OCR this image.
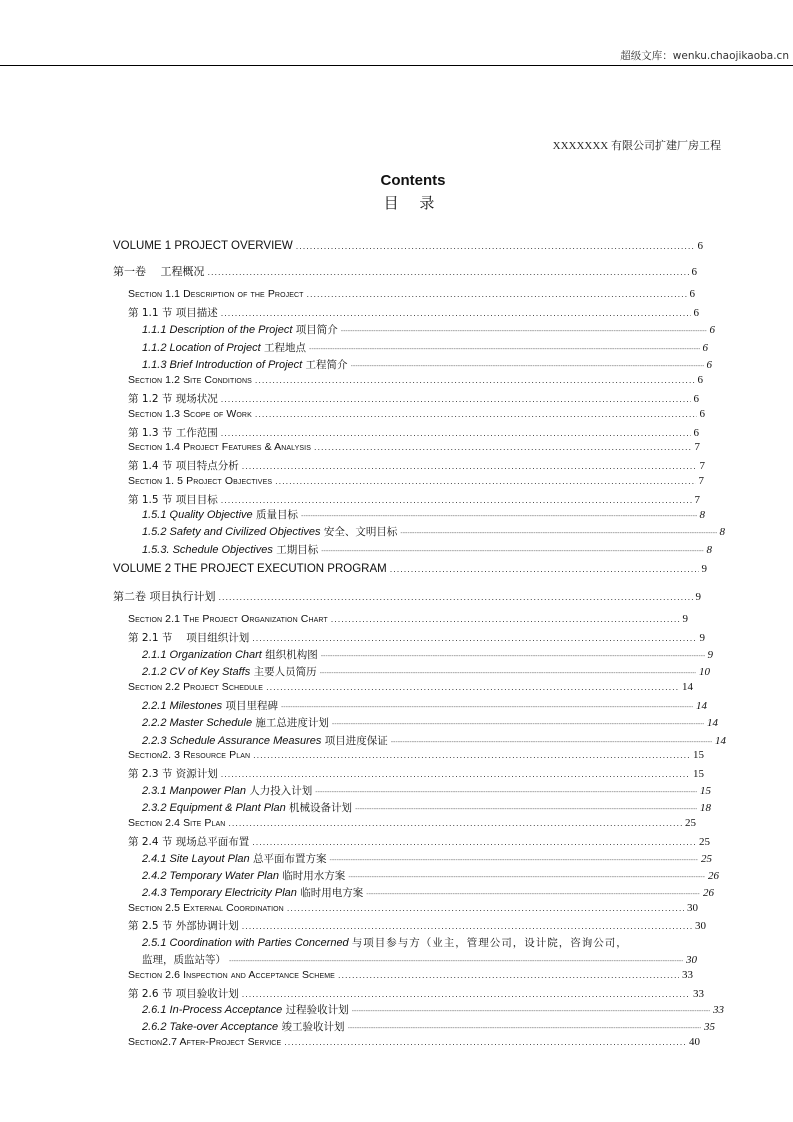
超级文库：wenku.chaojikaoba.cn
XXXXXXX 有限公司扩建厂房工程
Contents
目 录
VOLUME 1 PROJECT OVERVIEW .....	6
第一卷　 工程概况 .....	6
Section 1.1 Description of the Project .....	6
第 1.1 节 项目描述 .....	6
1.1.1 Description of the Project 项目简介 -----	6
1.1.2 Location of Project 工程地点 -----	6
1.1.3 Brief Introduction of Project 工程简介 -----	6
Section 1.2 Site Conditions .....	6
第 1.2 节 现场状况 .....	6
Section 1.3 Scope of Work .....	6
第 1.3 节 工作范围 .....	6
Section 1.4 Project Features & Analysis .....	7
第 1.4 节 项目特点分析 .....	7
Section 1. 5 Project Objectives .....	7
第 1.5 节 项目目标 .....	7
1.5.1 Quality Objective 质量目标 -----	8
1.5.2 Safety and Civilized Objectives 安全、文明目标 -----	8
1.5.3. Schedule Objectives 工期目标 -----	8
VOLUME 2 THE PROJECT EXECUTION PROGRAM .....	9
第二卷 项目执行计划 .....	9
Section 2.1 The Project Organization Chart .....	9
第 2.1 节 　项目组织计划 .....	9
2.1.1 Organization Chart 组织机构图 -----	9
2.1.2 CV of Key Staffs 主要人员简历 -----	10
Section 2.2 Project Schedule .....	14
2.2.1 Milestones 项目里程碑 -----	14
2.2.2 Master Schedule 施工总进度计划 -----	14
2.2.3 Schedule Assurance Measures 项目进度保证 -----	14
Section2. 3 Resource Plan .....	15
第 2.3 节 资源计划 .....	15
2.3.1 Manpower Plan 人力投入计划 -----	15
2.3.2 Equipment & Plant Plan 机械设备计划 -----	18
Section 2.4 Site Plan .....	25
第 2.4 节 现场总平面布置 .....	25
2.4.1 Site Layout Plan 总平面布置方案 -----	25
2.4.2 Temporary Water Plan 临时用水方案 -----	26
2.4.3 Temporary Electricity Plan 临时用电方案 -----	26
Section 2.5 External Coordination .....	30
第 2.5 节 外部协调计划 .....	30
2.5.1 Coordination with Parties Concerned 与项目参与方（业主，管理公司，设计院，咨询公司，
监理，质监站等） -----	30
Section 2.6 Inspection and Acceptance Scheme .....	33
第 2.6 节 项目验收计划 .....	33
2.6.1 In-Process Acceptance 过程验收计划 -----	33
2.6.2 Take-over Acceptance 竣工验收计划 -----	35
Section2.7 After-Project Service .....	40
